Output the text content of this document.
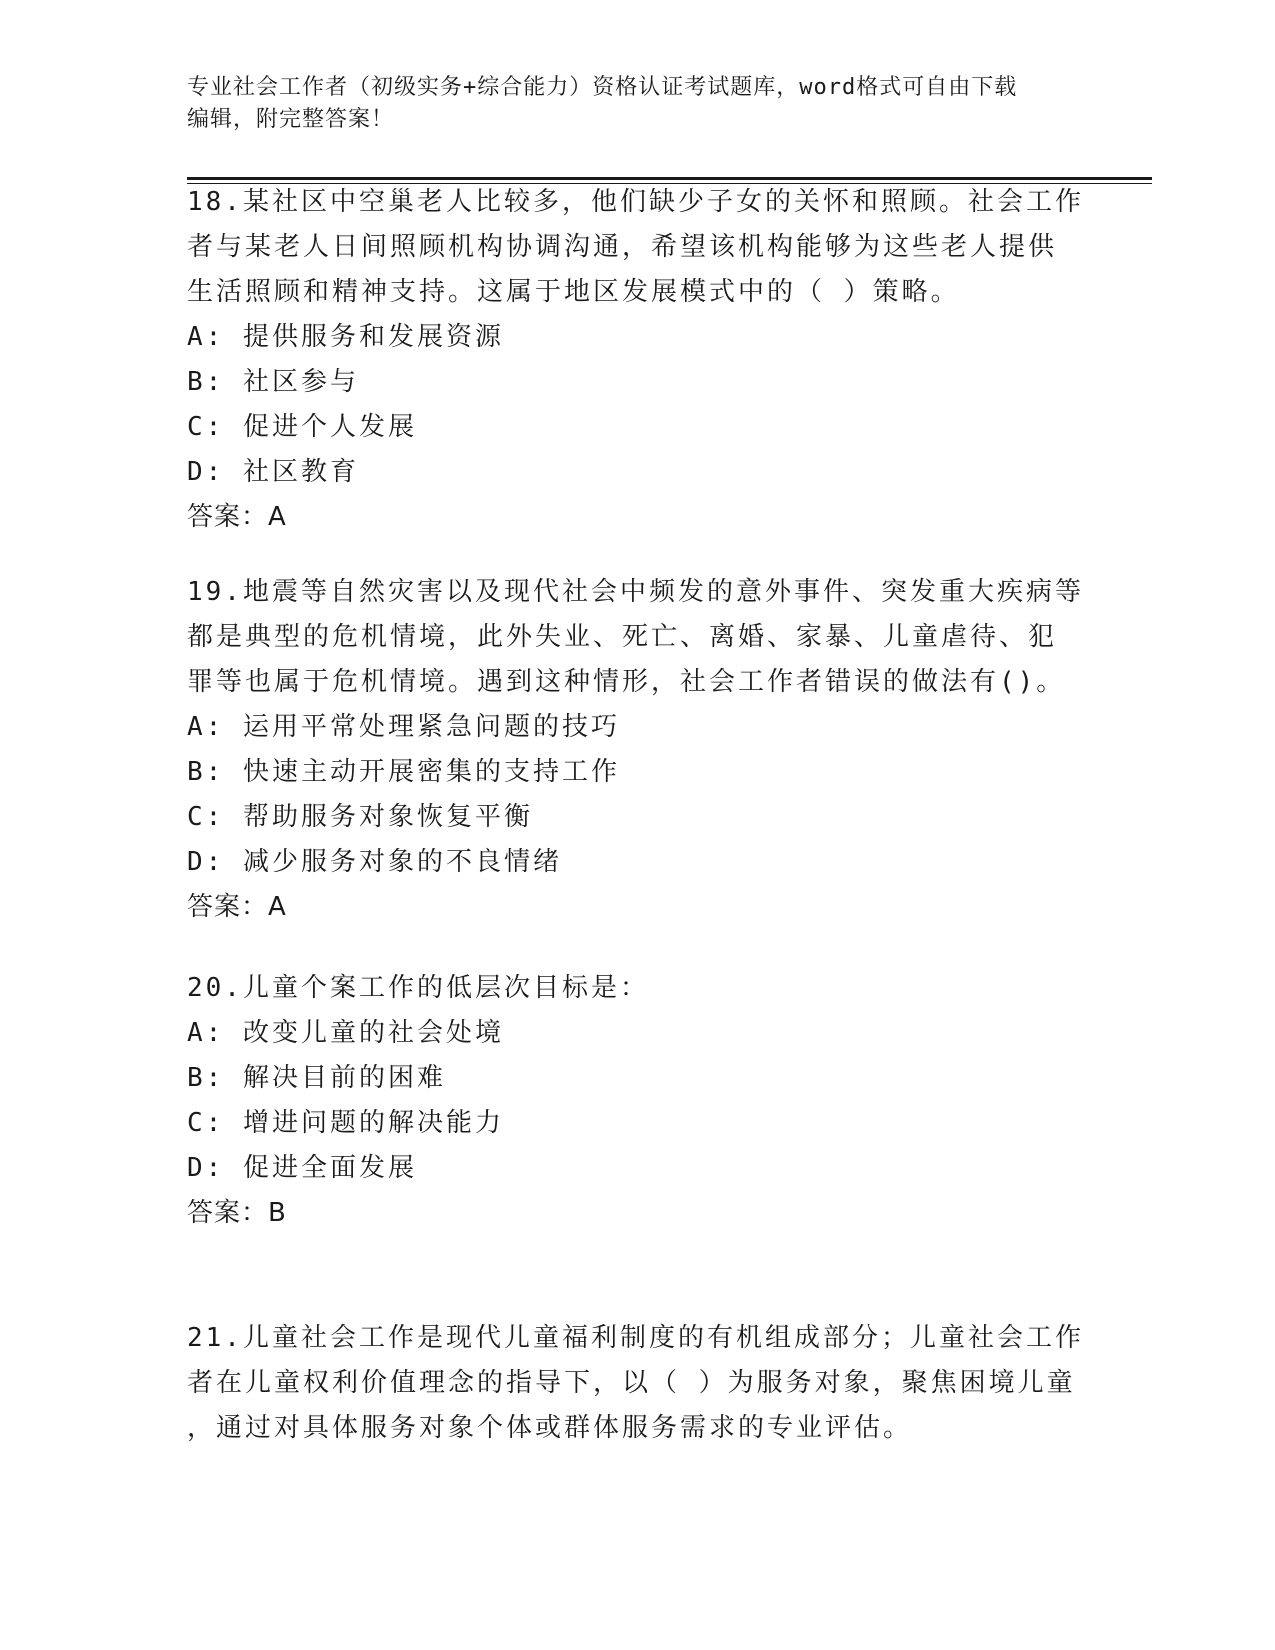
专业社会工作者（初级实务+综合能力）资格认证考试题库，word格式可自由下载
编辑，附完整答案！

18.某社区中空巢老人比较多，他们缺少子女的关怀和照顾。社会工作
者与某老人日间照顾机构协调沟通，希望该机构能够为这些老人提供
生活照顾和精神支持。这属于地区发展模式中的（ ）策略。

A: 提供服务和发展资源

B: 社区参与

C: 促进个人发展

D: 社区教育

答案：A

19.地震等自然灾害以及现代社会中频发的意外事件、突发重大疾病等
都是典型的危机情境，此外失业、死亡、离婚、家暴、儿童虐待、犯
罪等也属于危机情境。遇到这种情形，社会工作者错误的做法有()。

A: 运用平常处理紧急问题的技巧

B: 快速主动开展密集的支持工作

C: 帮助服务对象恢复平衡

D: 减少服务对象的不良情绪

答案：A

20.儿童个案工作的低层次目标是：

A: 改变儿童的社会处境

B: 解决目前的困难

C: 增进问题的解决能力

D: 促进全面发展

答案：B

21.儿童社会工作是现代儿童福利制度的有机组成部分；儿童社会工作
者在儿童权利价值理念的指导下，以（ ）为服务对象，聚焦困境儿童
，通过对具体服务对象个体或群体服务需求的专业评估。
